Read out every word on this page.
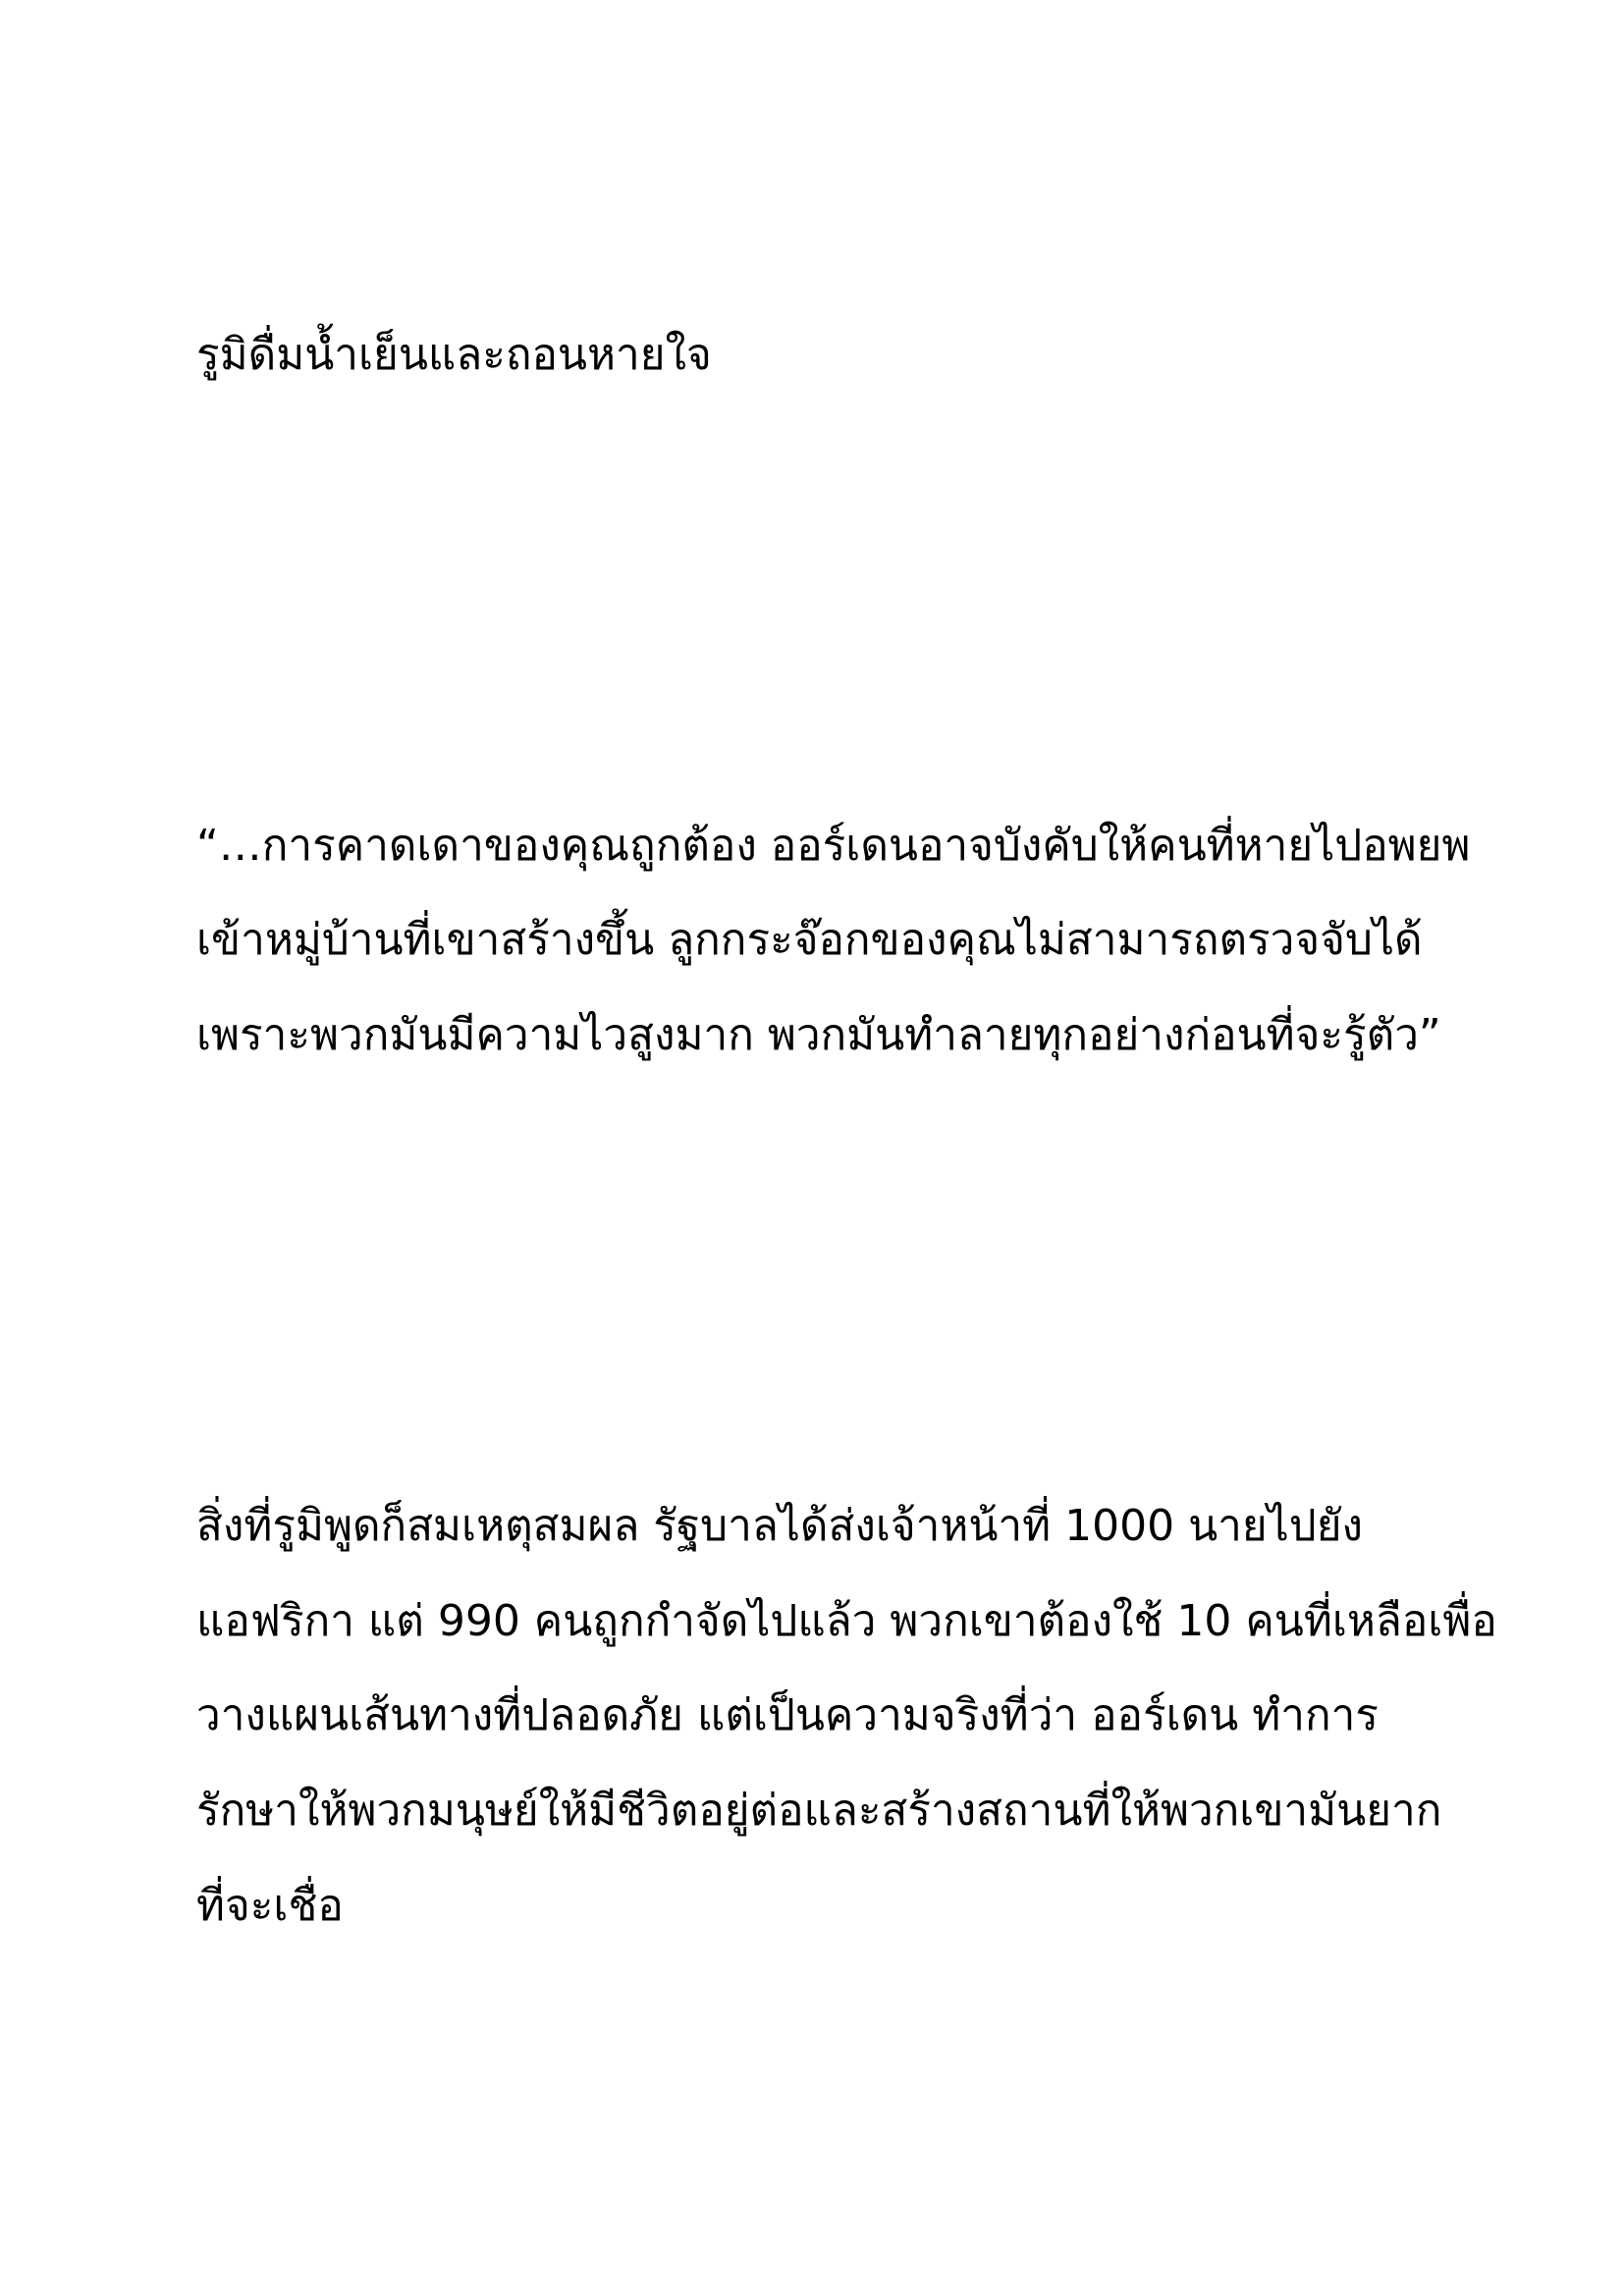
รูมิดื่มน้ำเย็นและถอนหายใจ

“…การคาดเดาของคุณถูกต้อง ออร์เดนอาจบังคับให้คนที่หายไปอพยพ

เข้าหมู่บ้านที่เขาสร้างขึ้น ลูกกระจ๊อกของคุณไม่สามารถตรวจจับได้

เพราะพวกมันมีความไวสูงมาก พวกมันทำลายทุกอย่างก่อนที่จะรู้ตัว”

สิ่งที่รูมิพูดก็สมเหตุสมผล รัฐบาลได้ส่งเจ้าหน้าที่ 1000 นายไปยัง

แอฟริกา แต่ 990 คนถูกกำจัดไปแล้ว พวกเขาต้องใช้ 10 คนที่เหลือเพื่อ

วางแผนเส้นทางที่ปลอดภัย แต่เป็นความจริงที่ว่า ออร์เดน ทำการ

รักษาให้พวกมนุษย์ให้มีชีวิตอยู่ต่อและสร้างสถานที่ให้พวกเขามันยาก

ที่จะเชื่อ
